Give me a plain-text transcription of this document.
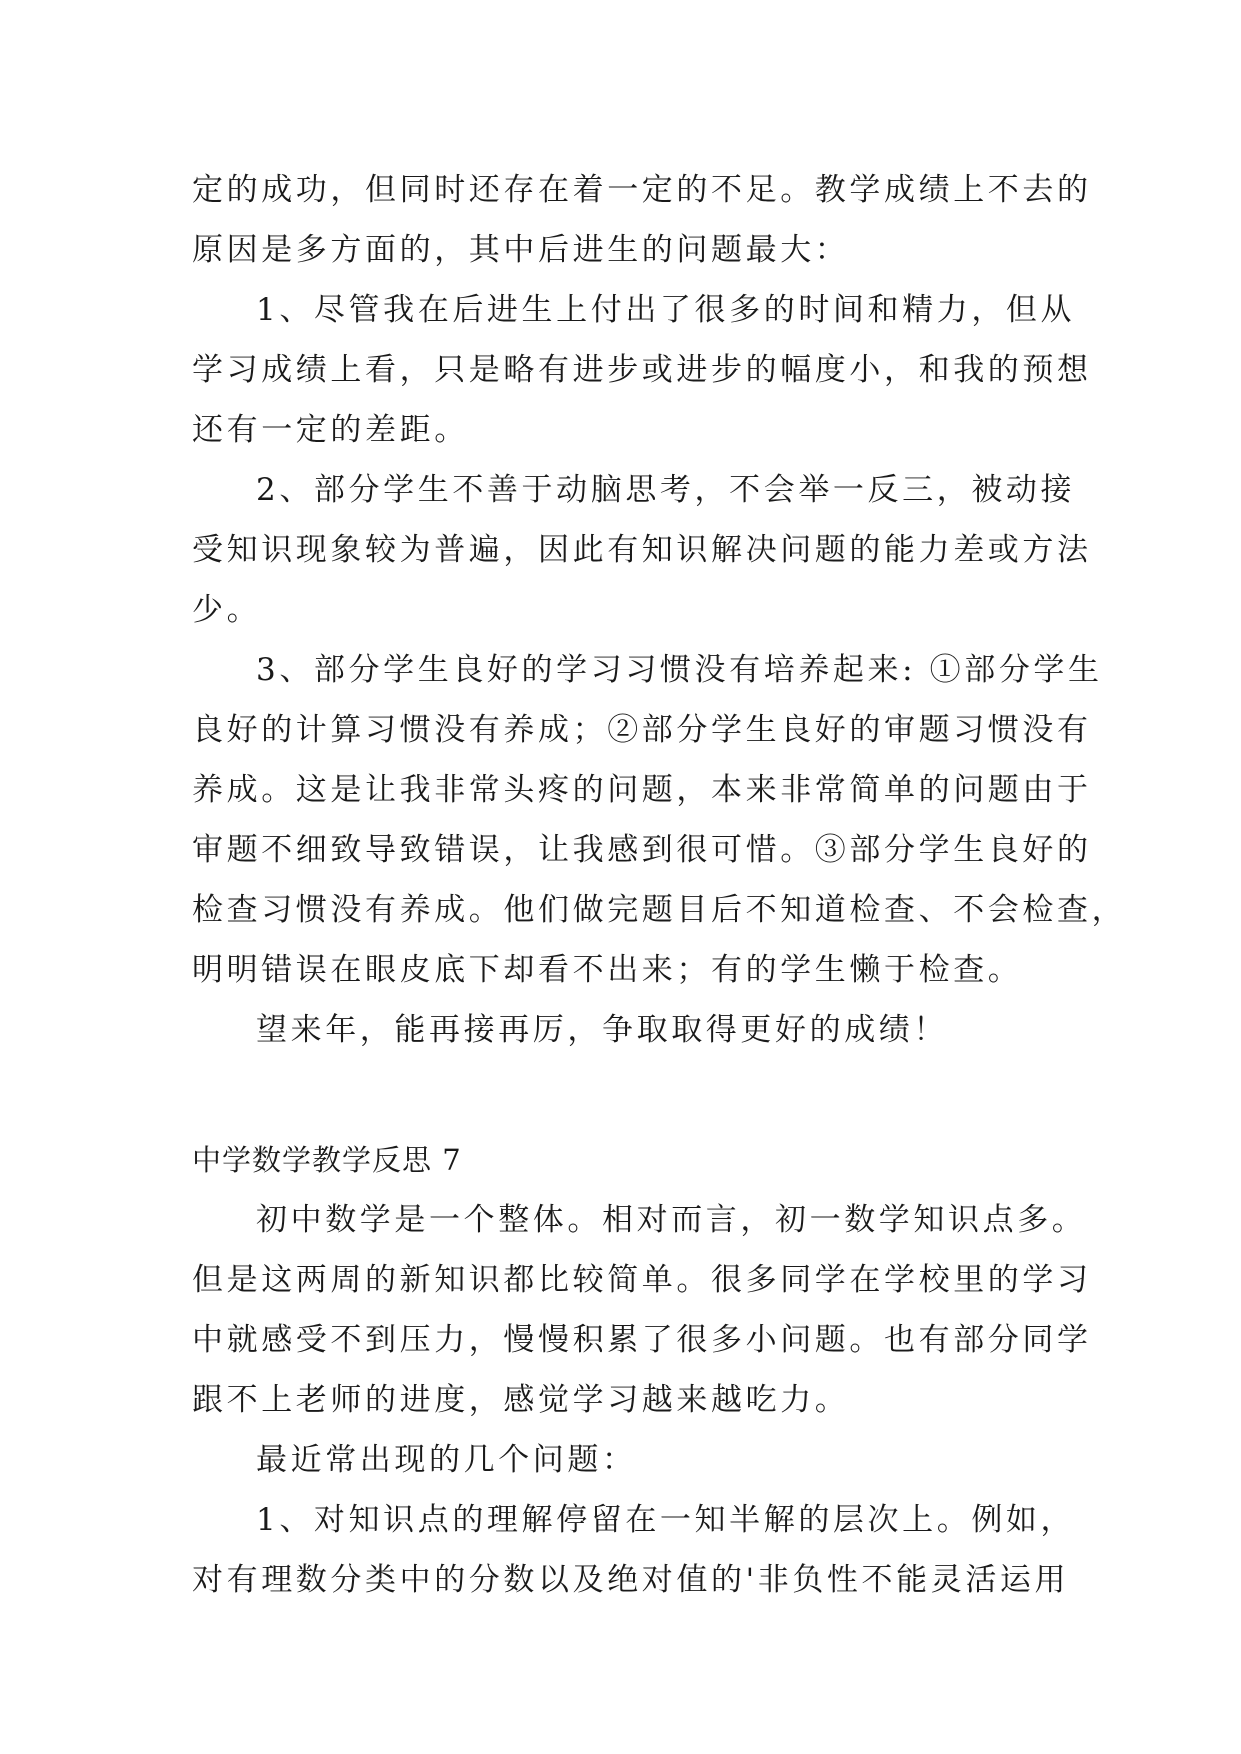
定的成功，但同时还存在着一定的不足。教学成绩上不去的
原因是多方面的，其中后进生的问题最大：
1、尽管我在后进生上付出了很多的时间和精力，但从
学习成绩上看，只是略有进步或进步的幅度小，和我的预想
还有一定的差距。
2、部分学生不善于动脑思考，不会举一反三，被动接
受知识现象较为普遍，因此有知识解决问题的能力差或方法
少。
3、部分学生良好的学习习惯没有培养起来: ①部分学生
良好的计算习惯没有养成；②部分学生良好的审题习惯没有
养成。这是让我非常头疼的问题，本来非常简单的问题由于
审题不细致导致错误，让我感到很可惜。③部分学生良好的
检查习惯没有养成。他们做完题目后不知道检查、不会检查，
明明错误在眼皮底下却看不出来；有的学生懒于检查。
望来年，能再接再厉，争取取得更好的成绩！
中学数学教学反思 7
初中数学是一个整体。相对而言，初一数学知识点多。
但是这两周的新知识都比较简单。很多同学在学校里的学习
中就感受不到压力，慢慢积累了很多小问题。也有部分同学
跟不上老师的进度，感觉学习越来越吃力。
最近常出现的几个问题：
1、对知识点的理解停留在一知半解的层次上。例如，
对有理数分类中的分数以及绝对值的'非负性不能灵活运用
